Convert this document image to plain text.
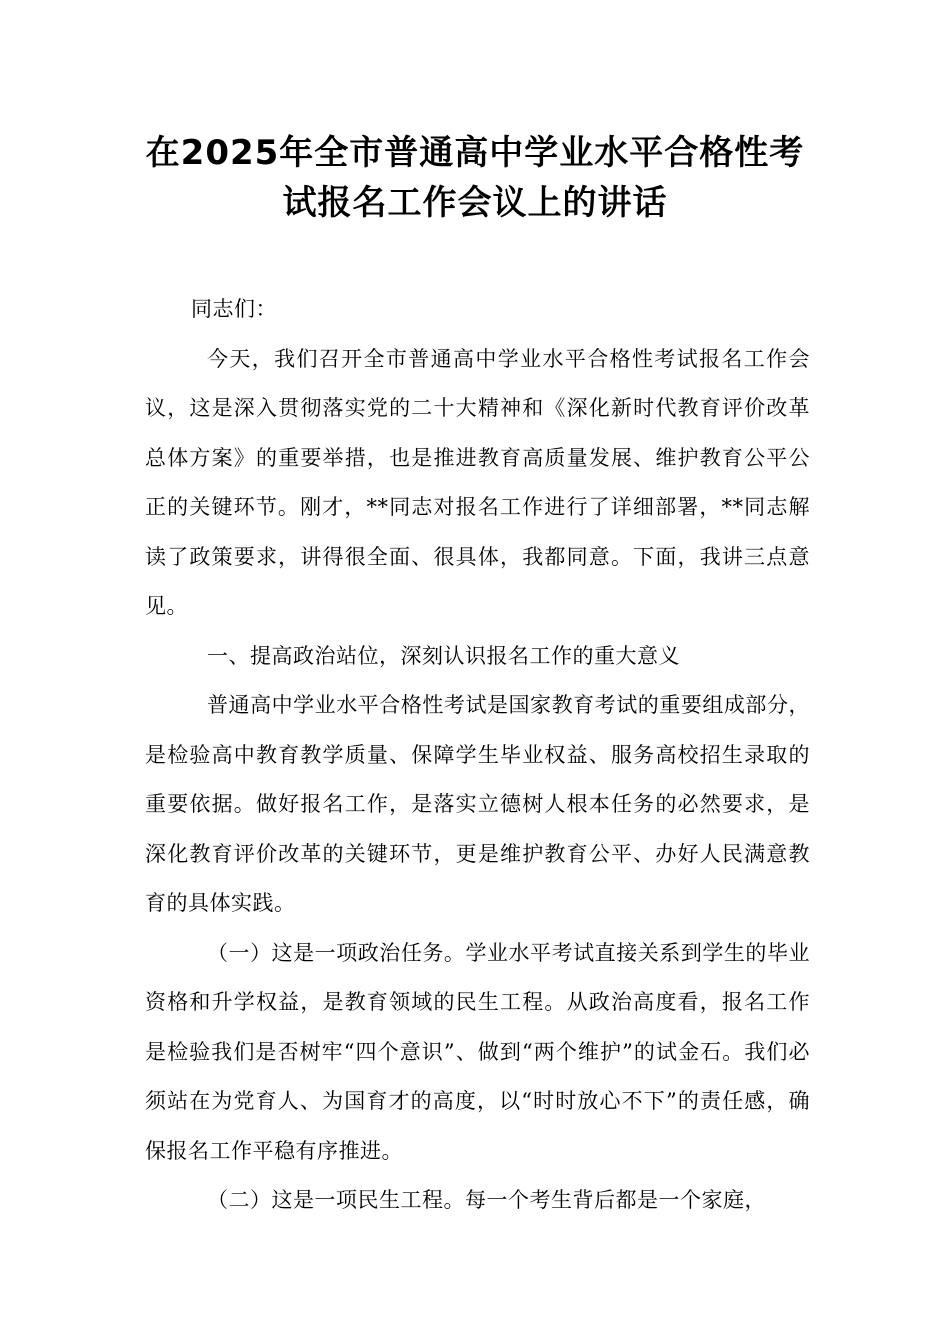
在2025年全市普通高中学业水平合格性考
试报名工作会议上的讲话

同志们：

今天，我们召开全市普通高中学业水平合格性考试报名工作会议，这是深入贯彻落实党的二十大精神和《深化新时代教育评价改革总体方案》的重要举措，也是推进教育高质量发展、维护教育公平公正的关键环节。刚才，**同志对报名工作进行了详细部署，**同志解读了政策要求，讲得很全面、很具体，我都同意。下面，我讲三点意见。

一、提高政治站位，深刻认识报名工作的重大意义

普通高中学业水平合格性考试是国家教育考试的重要组成部分，是检验高中教育教学质量、保障学生毕业权益、服务高校招生录取的重要依据。做好报名工作，是落实立德树人根本任务的必然要求，是深化教育评价改革的关键环节，更是维护教育公平、办好人民满意教育的具体实践。

（一）这是一项政治任务。学业水平考试直接关系到学生的毕业资格和升学权益，是教育领域的民生工程。从政治高度看，报名工作是检验我们是否树牢“四个意识”、做到“两个维护”的试金石。我们必须站在为党育人、为国育才的高度，以“时时放心不下”的责任感，确保报名工作平稳有序推进。

（二）这是一项民生工程。每一个考生背后都是一个家庭，
